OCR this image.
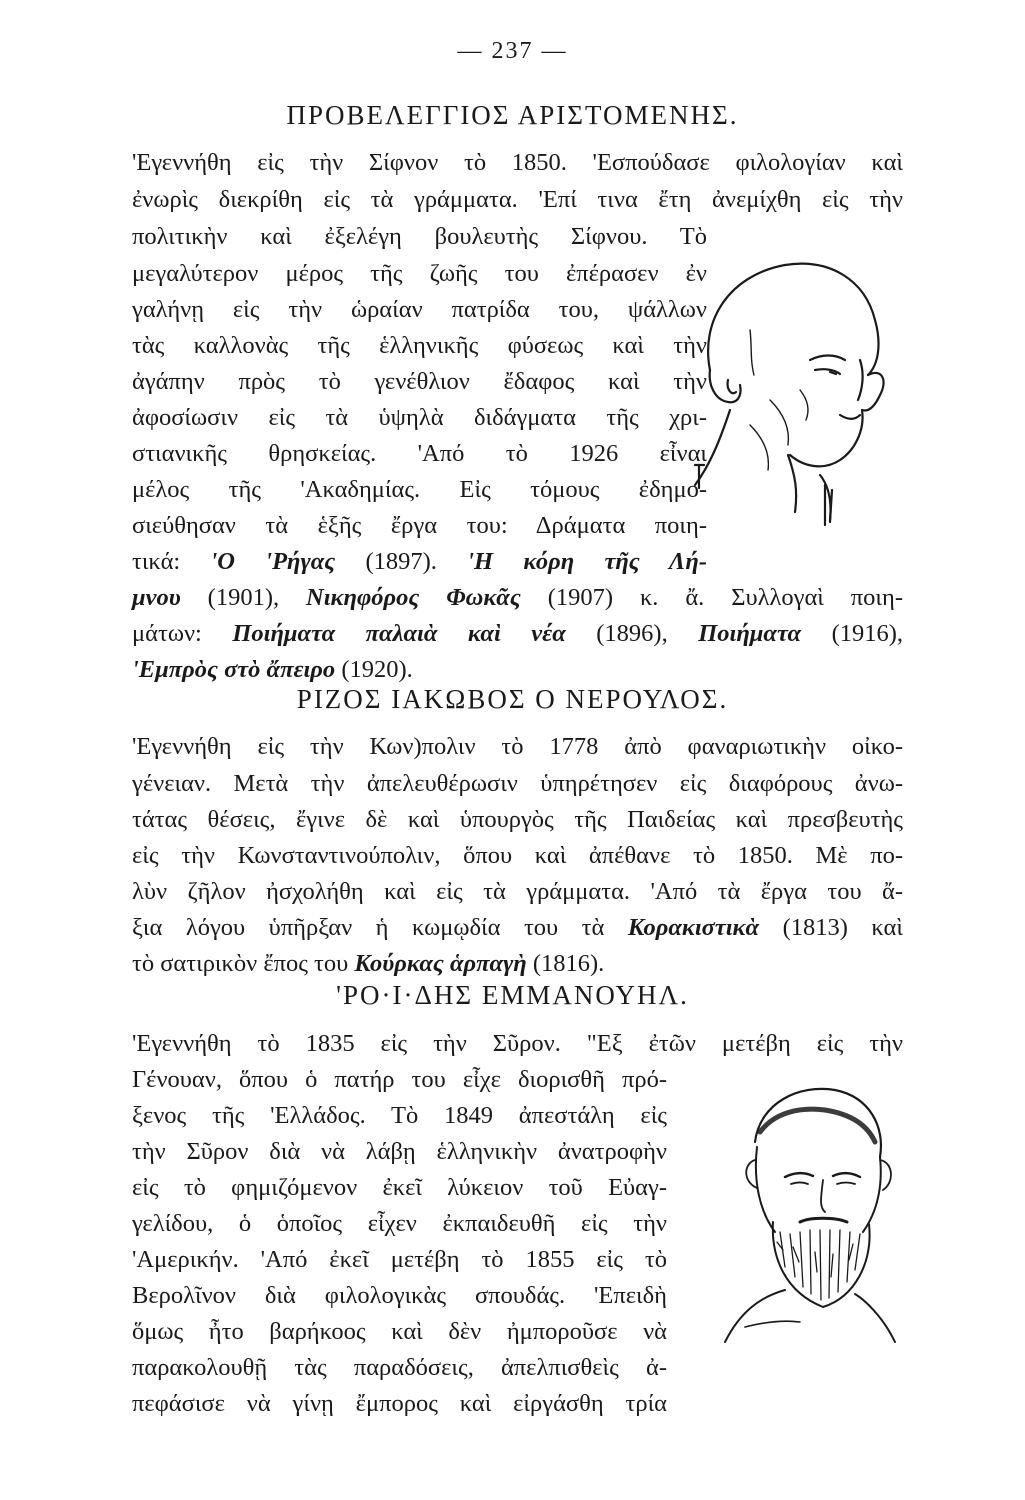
— 237 —
ΠΡΟΒΕΛΕΓΓΙΟΣ ΑΡΙΣΤΟΜΕΝΗΣ.
'Εγεννήθη εἰς τὴν Σίφνον τὸ 1850. 'Εσπούδασε φιλολογίαν καὶ
ἐνωρὶς διεκρίθη εἰς τὰ γράμματα. 'Επί τινα ἔτη ἀνεμίχθη εἰς τὴν
πολιτικὴν καὶ ἐξελέγη βουλευτὴς Σίφνου. Τὸ
μεγαλύτερον μέρος τῆς ζωῆς του ἐπέρασεν ἐν
γαλήνῃ εἰς τὴν ὡραίαν πατρίδα του, ψάλλων
τὰς καλλονὰς τῆς ἑλληνικῆς φύσεως καὶ τὴν
ἀγάπην πρὸς τὸ γενέθλιον ἔδαφος καὶ τὴν
ἀφοσίωσιν εἰς τὰ ὑψηλὰ διδάγματα τῆς χρι-
στιανικῆς θρησκείας. 'Από τὸ 1926 εἶναι
μέλος τῆς 'Ακαδημίας. Εἰς τόμους ἐδημο-
σιεύθησαν τὰ ἑξῆς ἔργα του: Δράματα ποιη-
τικά: 'Ο 'Ρήγας (1897). 'Η κόρη τῆς Λή-
μνου (1901), Νικηφόρος Φωκᾶς (1907) κ. ἄ. Συλλογαὶ ποιη-
μάτων: Ποιήματα παλαιὰ καὶ νέα (1896), Ποιήματα (1916),
'Εμπρὸς στὸ ἄπειρο (1920).
ΡΙΖΟΣ ΙΑΚΩΒΟΣ Ο ΝΕΡΟΥΛΟΣ.
'Εγεννήθη εἰς τὴν Κων)πολιν τὸ 1778 ἀπὸ φαναριωτικὴν οἰκο-
γένειαν. Μετὰ τὴν ἀπελευθέρωσιν ὑπηρέτησεν εἰς διαφόρους ἀνω-
τάτας θέσεις, ἔγινε δὲ καὶ ὑπουργὸς τῆς Παιδείας καὶ πρεσβευτὴς
εἰς τὴν Κωνσταντινούπολιν, ὅπου καὶ ἀπέθανε τὸ 1850. Μὲ πο-
λὺν ζῆλον ἠσχολήθη καὶ εἰς τὰ γράμματα. 'Από τὰ ἔργα του ἄ-
ξια λόγου ὑπῆρξαν ἡ κωμῳδία του τὰ Κορακιστικὰ (1813) καὶ
τὸ σατιρικὸν ἔπος του Κούρκας ἁρπαγὴ (1816).
'ΡΟ·Ι·ΔΗΣ ΕΜΜΑΝΟΥΗΛ.
'Εγεννήθη τὸ 1835 εἰς τὴν Σῦρον. "Εξ ἐτῶν μετέβη εἰς τὴν
Γένουαν, ὅπου ὁ πατήρ του εἶχε διορισθῆ πρό-
ξενος τῆς 'Ελλάδος. Τὸ 1849 ἀπεστάλη εἰς
τὴν Σῦρον διὰ νὰ λάβῃ ἑλληνικὴν ἀνατροφὴν
εἰς τὸ φημιζόμενον ἐκεῖ λύκειον τοῦ Εὐαγ-
γελίδου, ὁ ὁποῖος εἶχεν ἐκπαιδευθῆ εἰς τὴν
'Αμερικήν. 'Από ἐκεῖ μετέβη τὸ 1855 εἰς τὸ
Βερολῖνον διὰ φιλολογικὰς σπουδάς. 'Επειδὴ
ὅμως ἦτο βαρήκοος καὶ δὲν ἠμποροῦσε νὰ
παρακολουθῇ τὰς παραδόσεις, ἀπελπισθεὶς ἀ-
πεφάσισε νὰ γίνῃ ἔμπορος καὶ εἰργάσθη τρία
